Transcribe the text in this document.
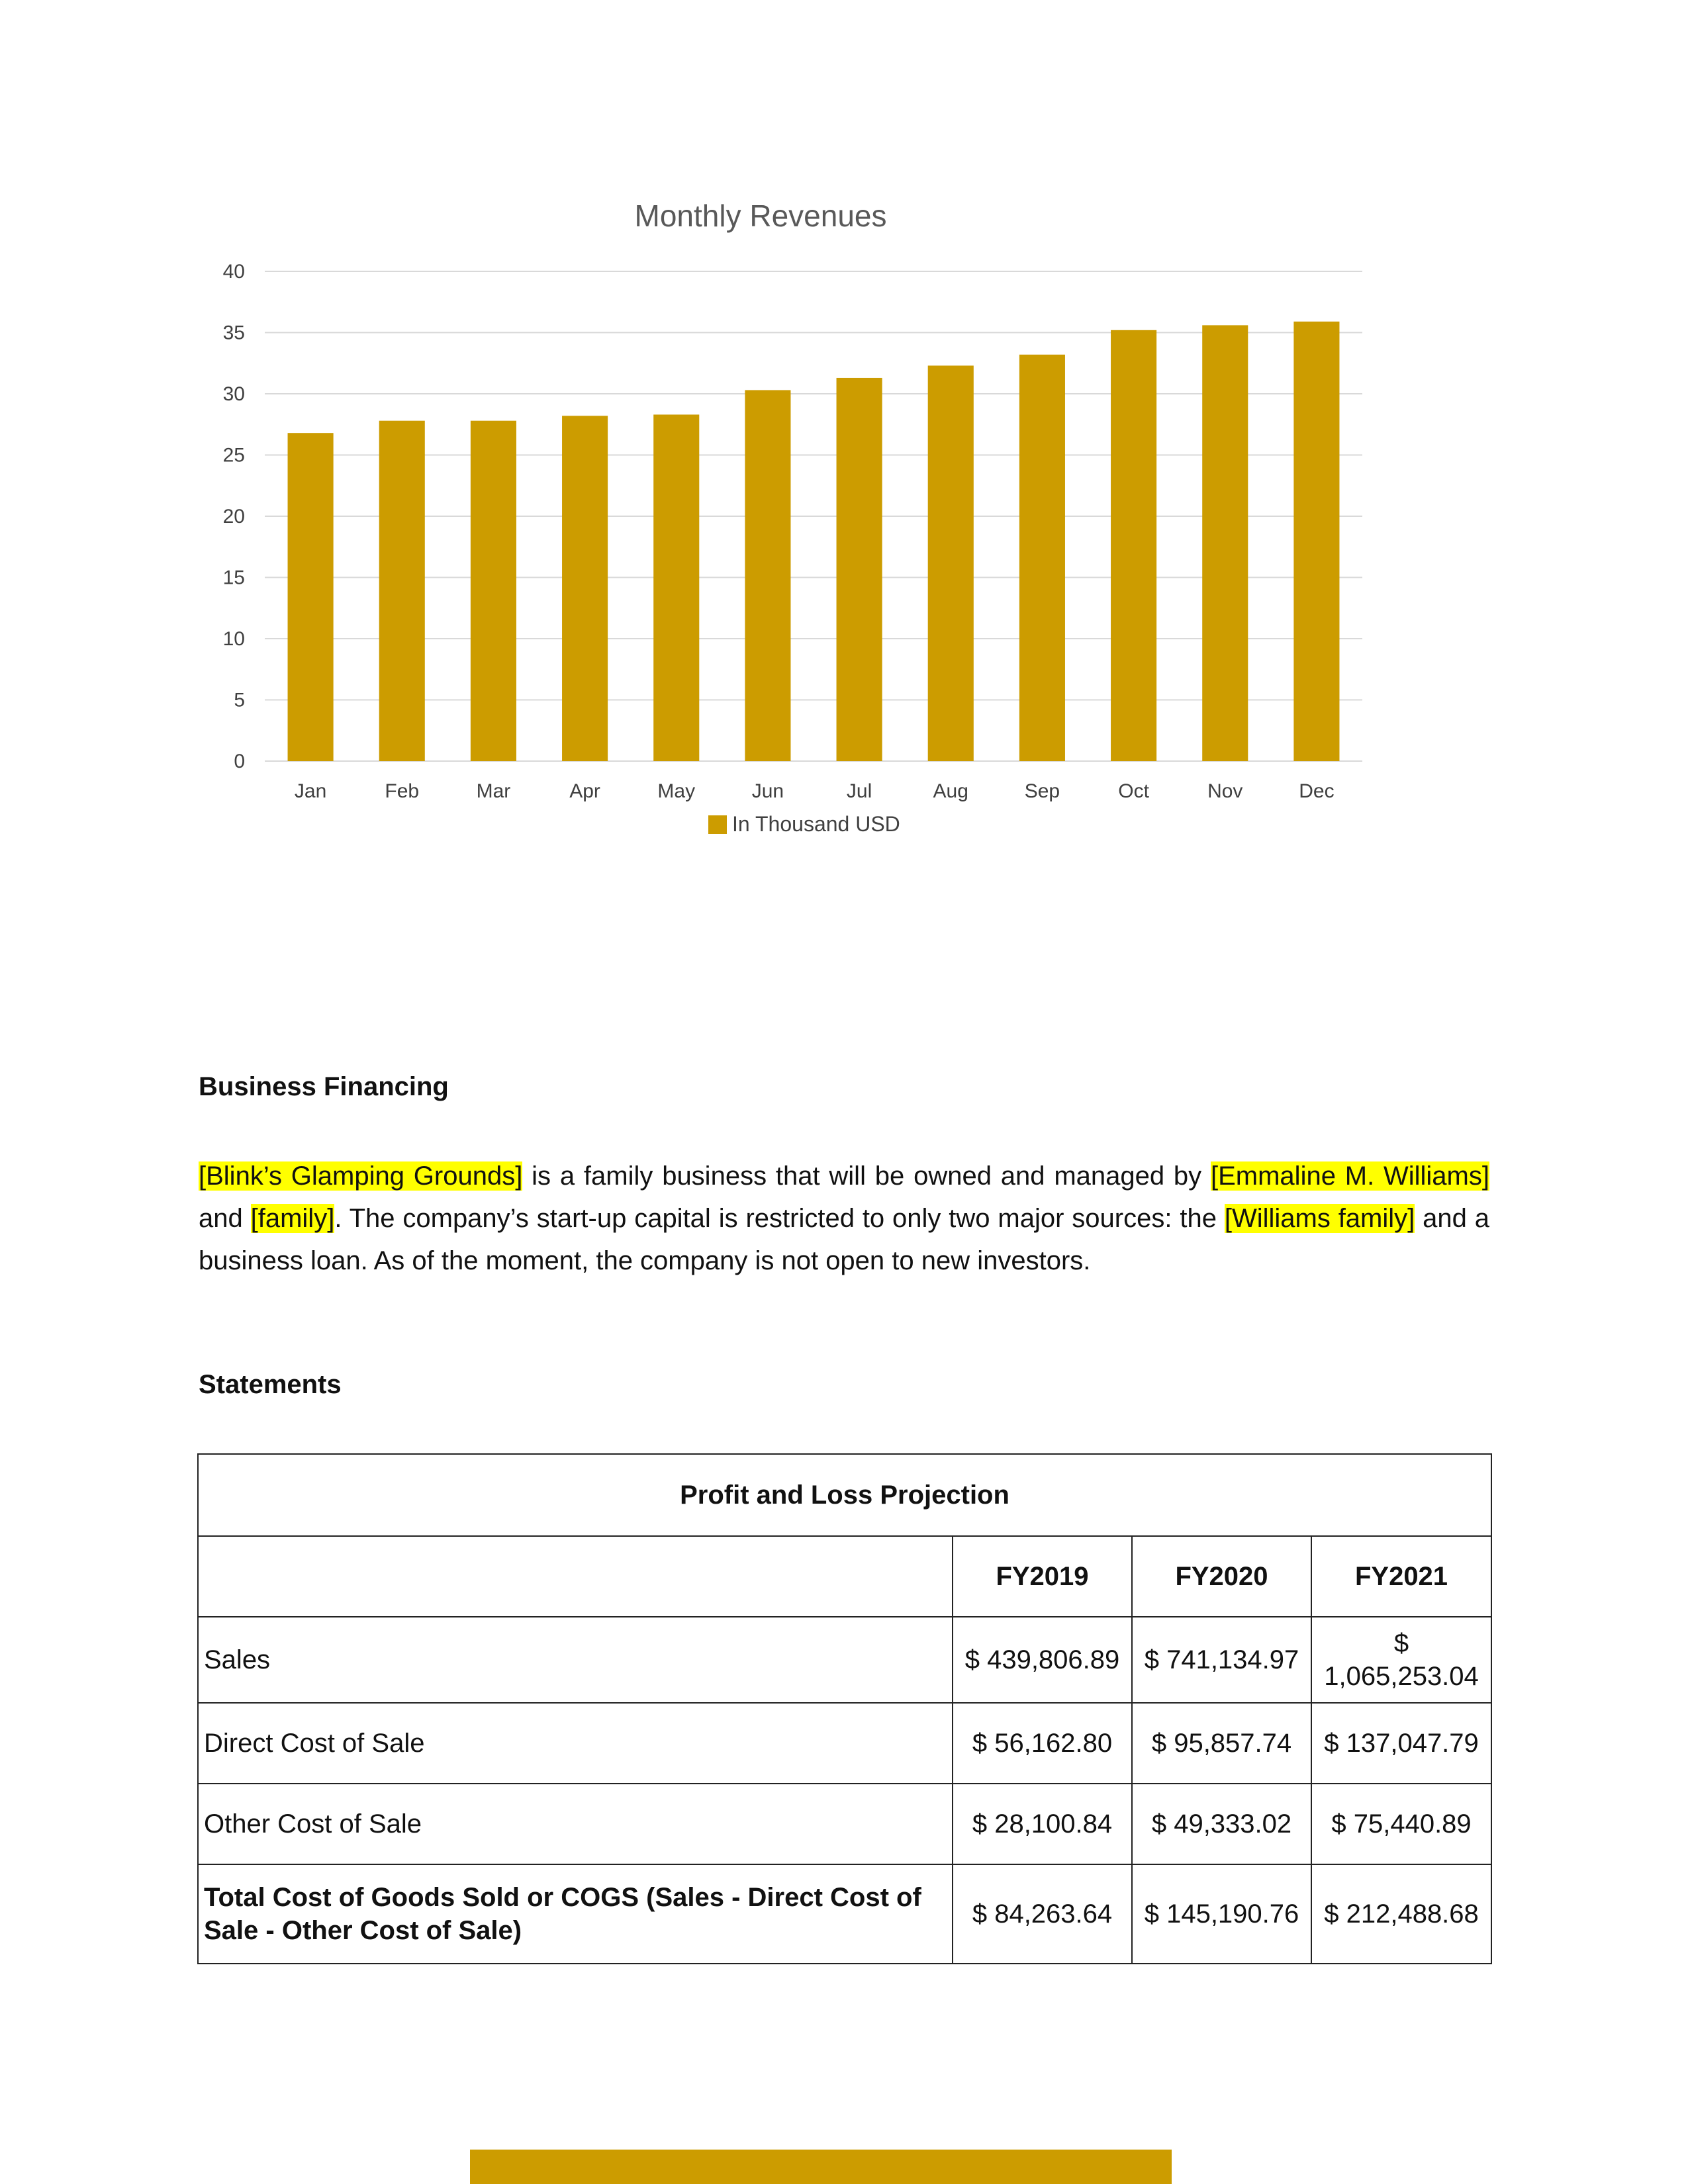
Monthly Revenues
0
5
10
15
20
25
30
35
40
Jan	Feb	Mar	Apr	May	Jun	Jul	Aug	Sep	Oct	Nov	Dec
In Thousand USD
Business Financing

[Blink’s Glamping Grounds] is a family business that will be owned and managed by [Emmaline M. Williams] and [family]. The company’s start-up capital is restricted to only two major sources: the [Williams family] and a business loan. As of the moment, the company is not open to new investors.

Statements
Profit and Loss Projection			
	FY2019	FY2020	FY2021
Sales	$ 439,806.89	$ 741,134.97	$ 1,065,253.04
Direct Cost of Sale	$ 56,162.80	$ 95,857.74	$ 137,047.79
Other Cost of Sale	$ 28,100.84	$ 49,333.02	$ 75,440.89
Total Cost of Goods Sold or COGS (Sales - Direct Cost of Sale - Other Cost of Sale)	$ 84,263.64	$ 145,190.76	$ 212,488.68
